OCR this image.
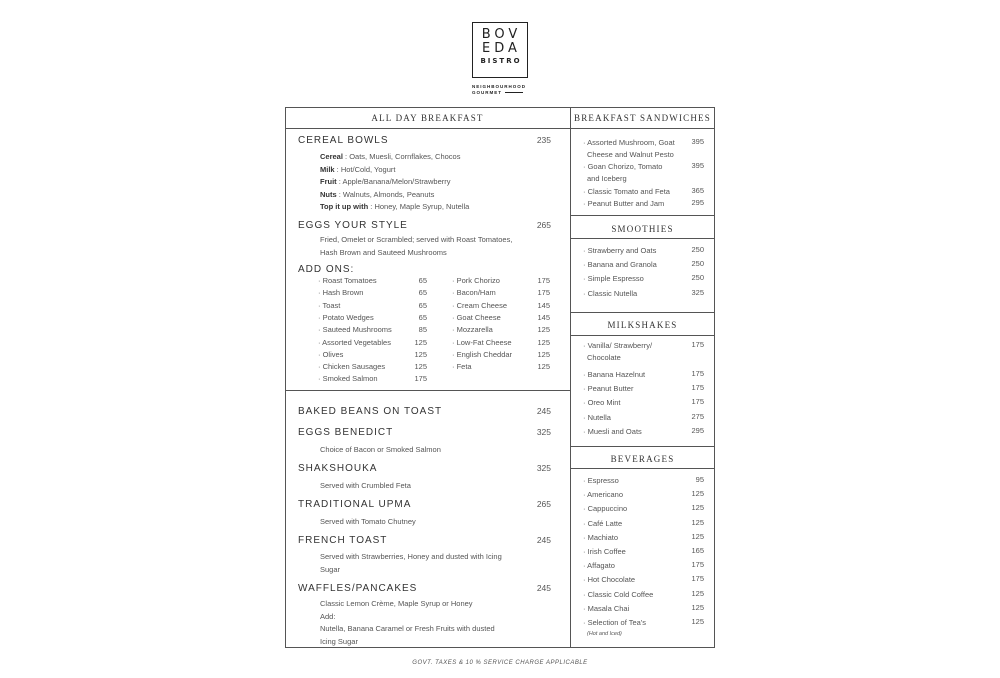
BOV
EDA
BISTRO
NEIGHBOURHOOD
GOURMET
ALL DAY BREAKFAST
CEREAL BOWLS	235
Cereal : Oats, Muesli, Cornflakes, Chocos
Milk : Hot/Cold, Yogurt
Fruit : Apple/Banana/Melon/Strawberry
Nuts : Walnuts, Almonds, Peanuts
Top it up with : Honey, Maple Syrup, Nutella
EGGS YOUR STYLE	265
Fried, Omelet or Scrambled; served with Roast Tomatoes,
Hash Brown and Sauteed Mushrooms
ADD ONS:
· Roast Tomatoes	65
· Hash Brown	65
· Toast	65
· Potato Wedges	65
· Sauteed Mushrooms	85
· Assorted Vegetables	125
· Olives	125
· Chicken Sausages	125
· Smoked Salmon	175
· Pork Chorizo	175
· Bacon/Ham	175
· Cream Cheese	145
· Goat Cheese	145
· Mozzarella	125
· Low-Fat Cheese	125
· English Cheddar	125
· Feta	125
BAKED BEANS ON TOAST	245
EGGS BENEDICT	325
Choice of Bacon or Smoked Salmon
SHAKSHOUKA	325
Served with Crumbled Feta
TRADITIONAL UPMA	265
Served with Tomato Chutney
FRENCH TOAST	245
Served with Strawberries, Honey and dusted with Icing
Sugar
WAFFLES/PANCAKES	245
Classic Lemon Crème, Maple Syrup or Honey
Add:
Nutella, Banana Caramel or Fresh Fruits with dusted
Icing Sugar
BREAKFAST SANDWICHES
· Assorted Mushroom, Goat
Cheese and Walnut Pesto
395
· Goan Chorizo, Tomato
and Iceberg
395
· Classic Tomato and Feta	365
· Peanut Butter and Jam	295
SMOOTHIES
· Strawberry and Oats	250
· Banana and Granola	250
· Simple Espresso	250
· Classic Nutella	325
MILKSHAKES
· Vanilla/ Strawberry/
Chocolate
175
· Banana Hazelnut	175
· Peanut Butter	175
· Oreo Mint	175
· Nutella	275
· Muesli and Oats	295
BEVERAGES
· Espresso	95
· Americano	125
· Cappuccino	125
· Café Latte	125
· Machiato	125
· Irish Coffee	165
· Affagato	175
· Hot Chocolate	175
· Classic Cold Coffee	125
· Masala Chai	125
· Selection of Tea's	125
(Hot and Iced)
GOVT. TAXES & 10 % SERVICE CHARGE APPLICABLE
